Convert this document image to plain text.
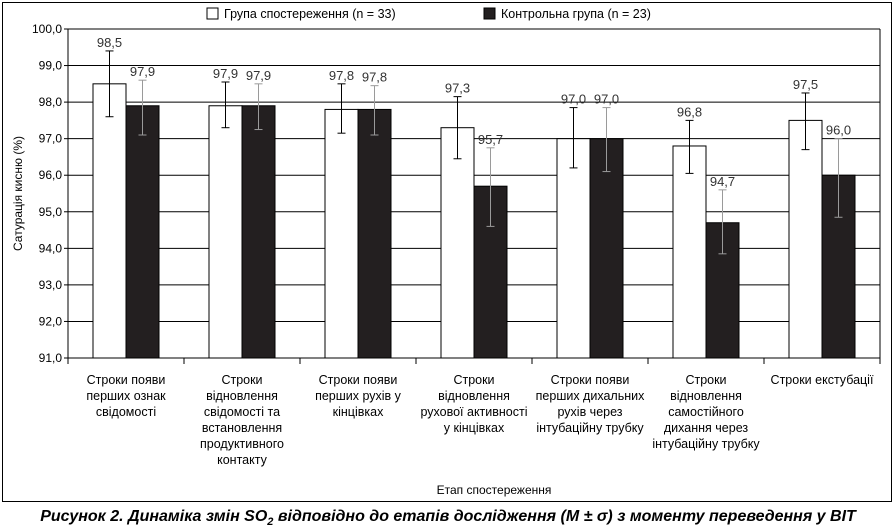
91,0
92,0
93,0
94,0
95,0
96,0
97,0
98,0
99,0
100,0
98,5
97,9	97,8
97,3
97,0
96,8
97,5
97,9	97,9	97,8
95,7
97,0
94,7
96,0
Сатурація кисню (%)
Етап спостереження
Група спостереження (n = 33)	Контрольна група (n = 23)
Строки появи перших ознак свідомості
Строки відновлення свідомості та встановлення продуктивного контакту
Строки появи перших рухів у кінцівках
Строки відновлення рухової активності у кінцівках
Строки появи перших дихальних рухів через інтубаційну трубку
Строки відновлення самостійного дихання через інтубаційну трубку
Строки екстубації
Рисунок 2. Динаміка змін $SO_2$ відповідно до етапів дослідження (M ± σ) з моменту переведення у ВІТ
